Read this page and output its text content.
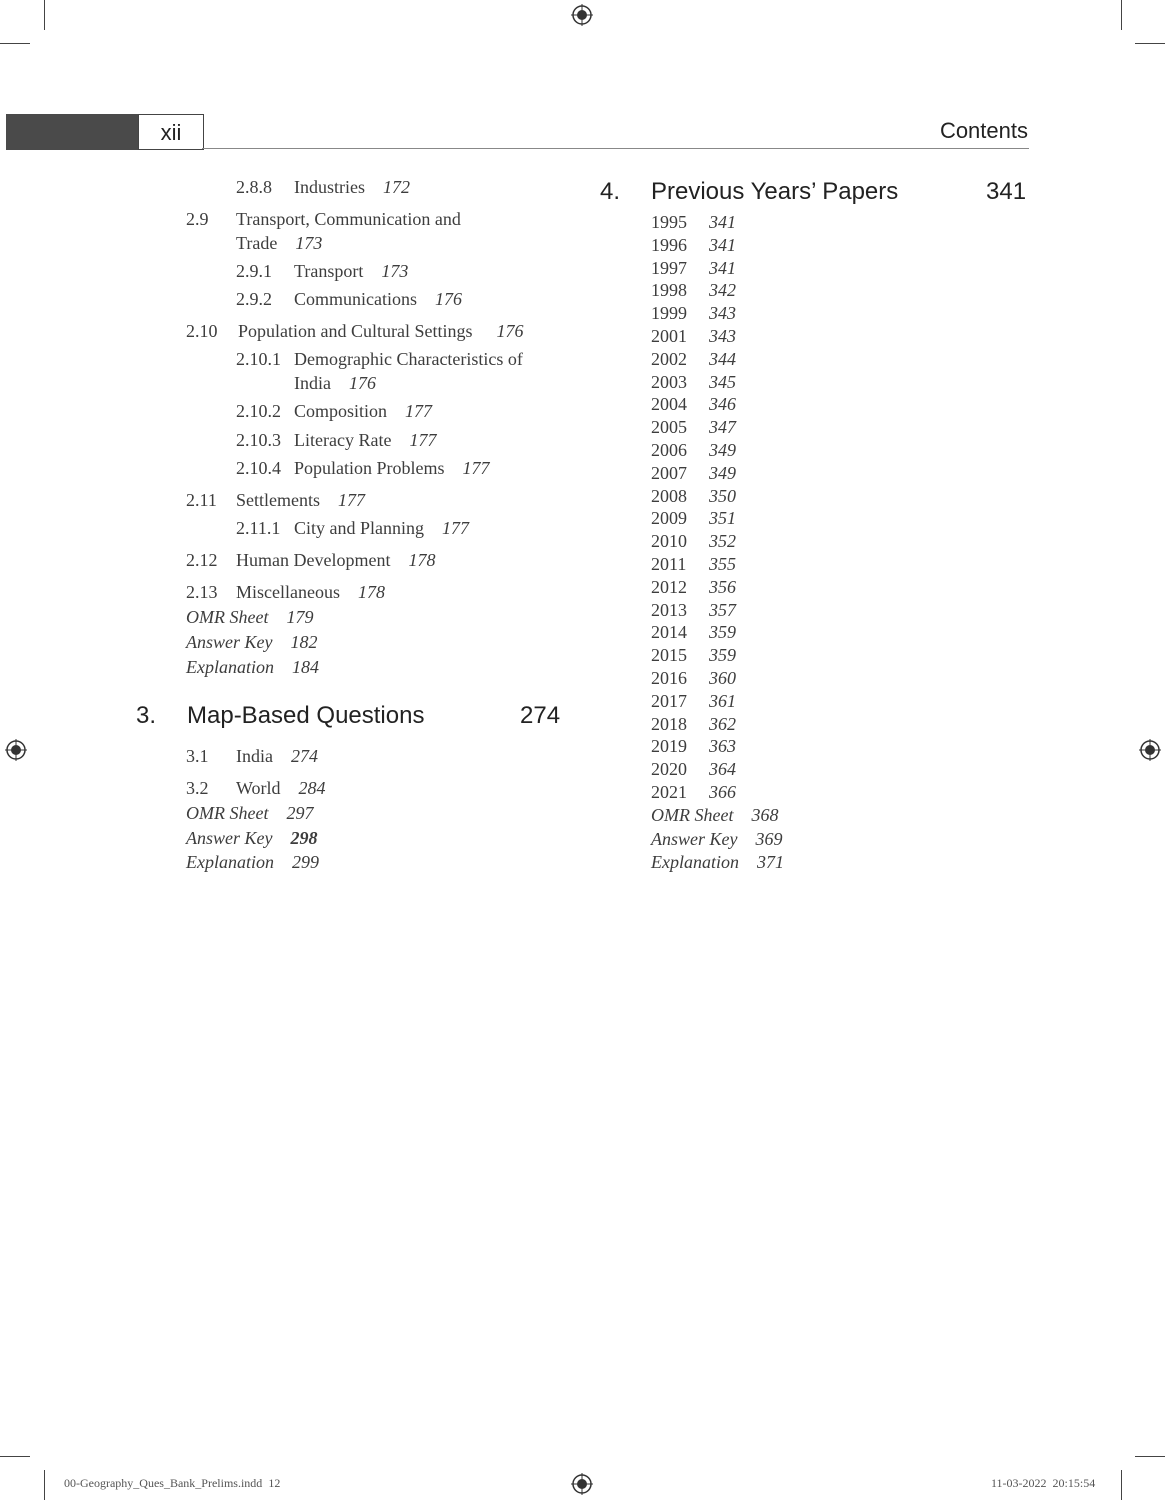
xii	Contents
2.8.8 Industries 172
2.9 Transport, Communication and
Trade 173
2.9.1 Transport 173
2.9.2 Communications 176
2.10 Population and Cultural Settings 176
2.10.1 Demographic Characteristics of
India 176
2.10.2 Composition 177
2.10.3 Literacy Rate 177
2.10.4 Population Problems 177
2.11 Settlements 177
2.11.1 City and Planning 177
2.12 Human Development 178
2.13 Miscellaneous 178
OMR Sheet 179
Answer Key 182
Explanation 184
3. Map-Based Questions	274
3.1 India 274
3.2 World 284
OMR Sheet 297
Answer Key 298
Explanation 299
4. Previous Years’ Papers	341
1995 341
1996 341
1997 341
1998 342
1999 343
2001 343
2002 344
2003 345
2004 346
2005 347
2006 349
2007 349
2008 350
2009 351
2010 352
2011 355
2012 356
2013 357
2014 359
2015 359
2016 360
2017 361
2018 362
2019 363
2020 364
2021 366
OMR Sheet 368
Answer Key 369
Explanation 371
00-Geography_Ques_Bank_Prelims.indd 12	11-03-2022 20:15:54
